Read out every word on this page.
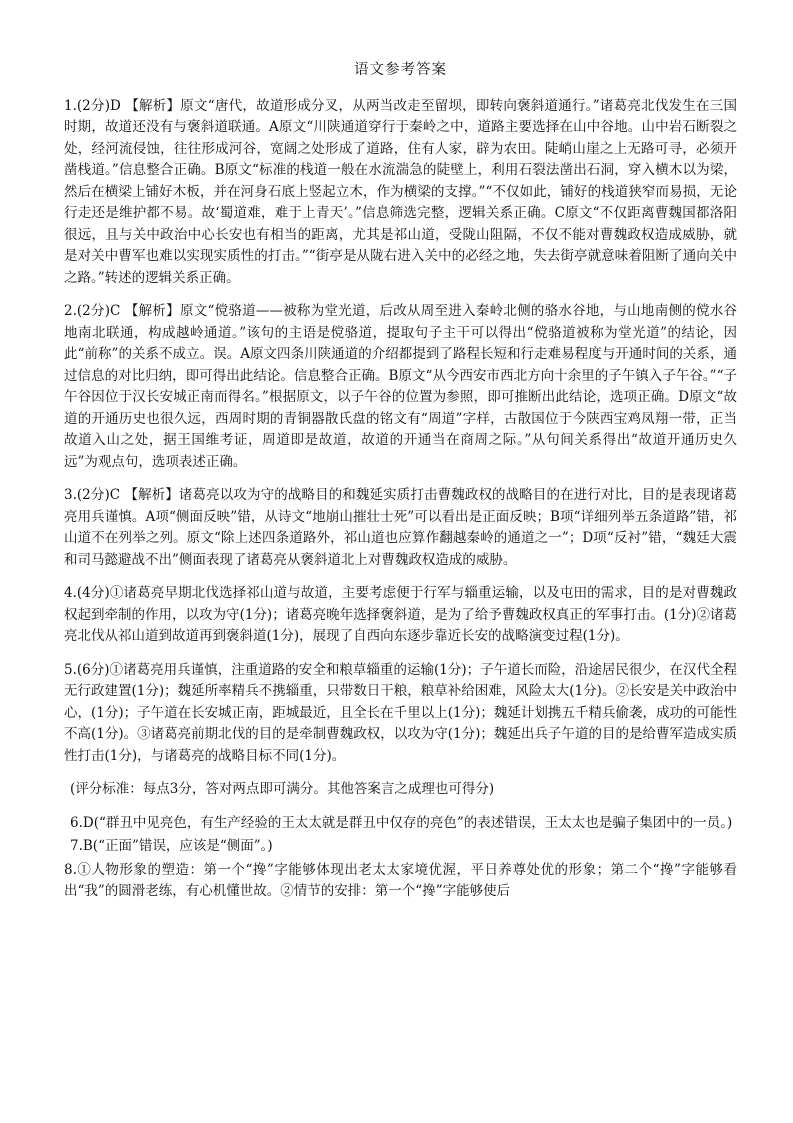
语文参考答案

1.(2分)D 【解析】原文“唐代，故道形成分叉，从两当改走至留坝，即转向褒斜道通行。”诸葛亮北伐发生在三国时期，故道还没有与褒斜道联通。A原文“川陕通道穿行于秦岭之中，道路主要选择在山中谷地。山中岩石断裂之处，经河流侵蚀，往往形成河谷，宽阔之处形成了道路，住有人家，辟为农田。陡峭山崖之上无路可寻，必须开凿栈道。”信息整合正确。B原文“标准的栈道一般在水流湍急的陡壁上，利用石裂法凿出石洞，穿入横木以为梁，然后在横梁上铺好木板，并在河身石底上竖起立木，作为横梁的支撑。”“不仅如此，铺好的栈道狭窄而易损，无论行走还是维护都不易。故‘蜀道难，难于上青天’。”信息筛选完整，逻辑关系正确。C原文“不仅距离曹魏国都洛阳很远，且与关中政治中心长安也有相当的距离，尤其是祁山道，受陇山阻隔，不仅不能对曹魏政权造成威胁，就是对关中曹军也难以实现实质性的打击。”“街亭是从陇右进入关中的必经之地，失去街亭就意味着阻断了通向关中之路。”转述的逻辑关系正确。

2.(2分)C 【解析】原文“傥骆道——被称为堂光道，后改从周至进入秦岭北侧的骆水谷地，与山地南侧的傥水谷地南北联通，构成越岭通道。”该句的主语是傥骆道，提取句子主干可以得出“傥骆道被称为堂光道”的结论，因此“前称”的关系不成立。误。A原文四条川陕通道的介绍都提到了路程长短和行走难易程度与开通时间的关系，通过信息的对比归纳，即可得出此结论。信息整合正确。B原文“从今西安市西北方向十余里的子午镇入子午谷。”“子午谷因位于汉长安城正南而得名。”根据原文，以子午谷的位置为参照，即可推断出此结论，选项正确。D原文“故道的开通历史也很久远，西周时期的青铜器散氏盘的铭文有“周道”字样，古散国位于今陕西宝鸡凤翔一带，正当故道入山之处，据王国维考证，周道即是故道，故道的开通当在商周之际。”从句间关系得出“故道开通历史久远”为观点句，选项表述正确。

3.(2分)C 【解析】诸葛亮以攻为守的战略目的和魏延实质打击曹魏政权的战略目的在进行对比，目的是表现诸葛亮用兵谨慎。A项“侧面反映”错，从诗文“地崩山摧壮士死”可以看出是正面反映；B项“详细列举五条道路”错，祁山道不在列举之列。原文“除上述四条道路外，祁山道也应算作翻越秦岭的通道之一”；D项“反衬”错，“魏廷大震和司马懿避战不出”侧面表现了诸葛亮从褒斜道北上对曹魏政权造成的威胁。

4.(4分)①诸葛亮早期北伐选择祁山道与故道，主要考虑便于行军与辎重运输，以及屯田的需求，目的是对曹魏政权起到牵制的作用，以攻为守(1分)；诸葛亮晚年选择褒斜道，是为了给予曹魏政权真正的军事打击。(1分)②诸葛亮北伐从祁山道到故道再到褒斜道(1分)，展现了自西向东逐步靠近长安的战略演变过程(1分)。

5.(6分)①诸葛亮用兵谨慎，注重道路的安全和粮草辎重的运输(1分)；子午道长而险，沿途居民很少，在汉代全程无行政建置(1分)；魏延所率精兵不携辎重，只带数日干粮，粮草补给困难，风险太大(1分)。②长安是关中政治中心，(1分)；子午道在长安城正南，距城最近，且全长在千里以上(1分)；魏延计划携五千精兵偷袭，成功的可能性不高(1分)。③诸葛亮前期北伐的目的是牵制曹魏政权，以攻为守(1分)；魏延出兵子午道的目的是给曹军造成实质性打击(1分)，与诸葛亮的战略目标不同(1分)。

(评分标准：每点3分，答对两点即可满分。其他答案言之成理也可得分)

6.D(“群丑中见亮色，有生产经验的王太太就是群丑中仅存的亮色”的表述错误，王太太也是骗子集团中的一员。)

7.B(“正面”错误，应该是“侧面”。)

8.①人物形象的塑造：第一个“搀”字能够体现出老太太家境优渥，平日养尊处优的形象；第二个“搀”字能够看出“我”的圆滑老练，有心机懂世故。②情节的安排：第一个“搀”字能够使后
